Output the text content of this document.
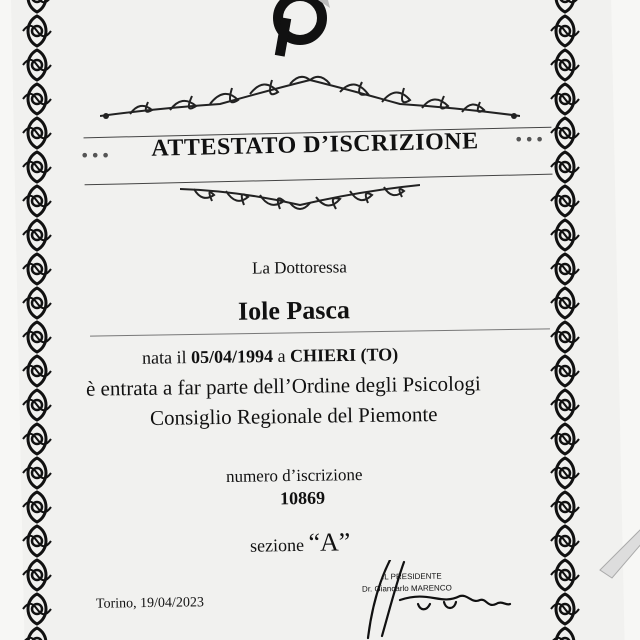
•••
•••
ATTESTATO D’ISCRIZIONE
La Dottoressa
Iole Pasca
nata il 05/04/1994 a CHIERI (TO)
è entrata a far parte dell’Ordine degli Psicologi
Consiglio Regionale del Piemonte
numero d’iscrizione
10869
sezione “A”
Torino, 19/04/2023
IL PRESIDENTE
Dr. Giancarlo MARENCO
